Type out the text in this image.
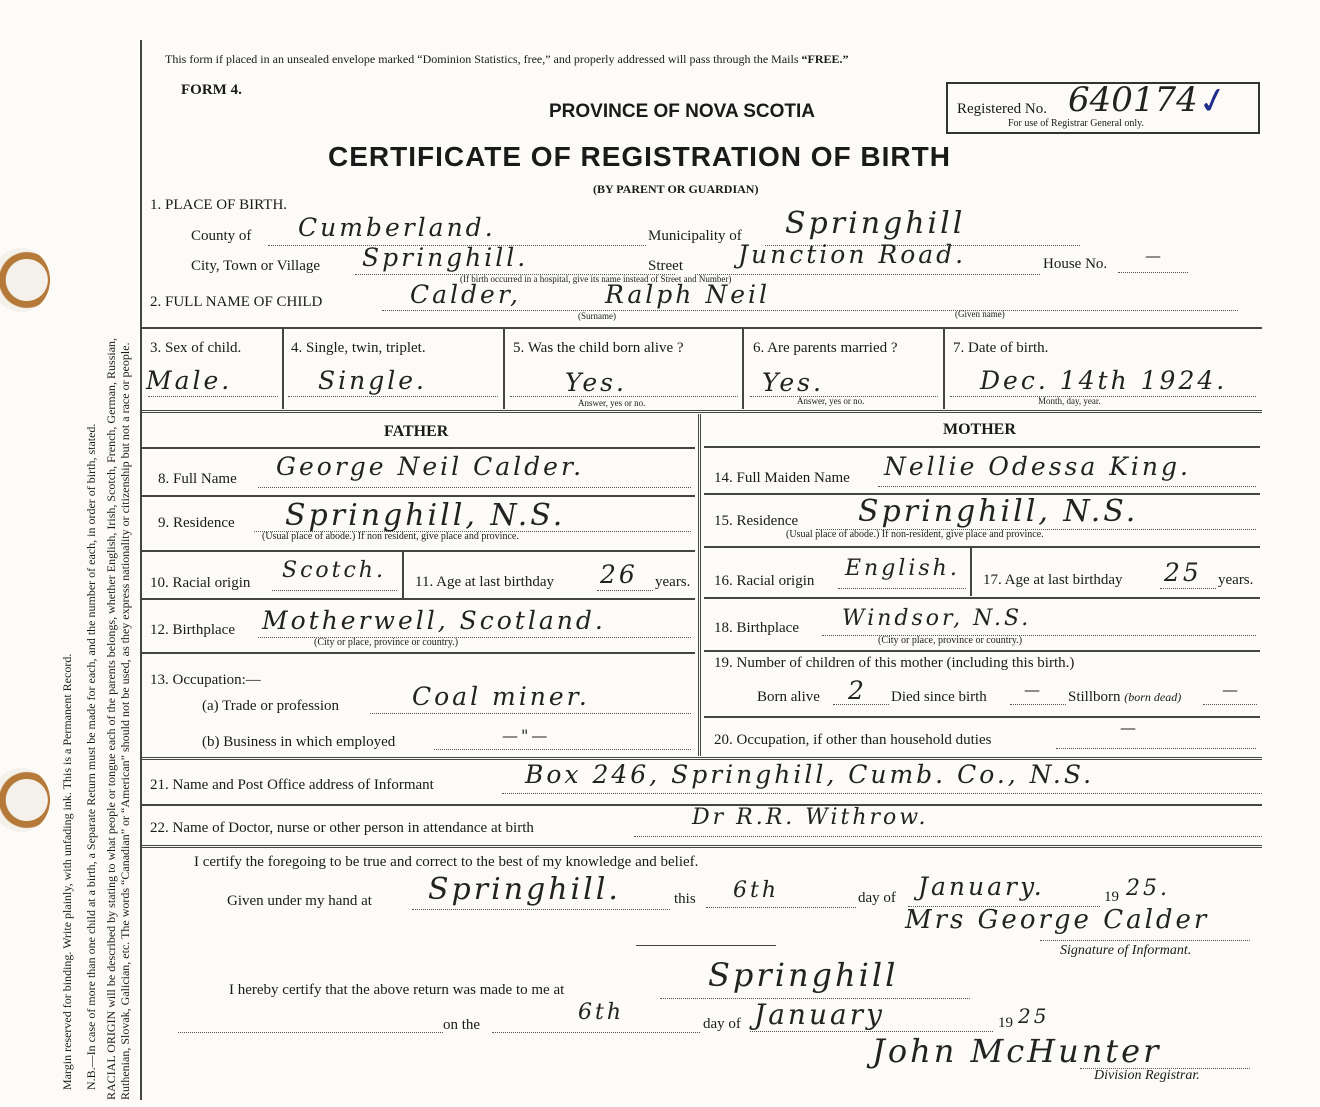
Margin reserved for binding. Write plainly, with unfading ink. This is a Permanent Record. N.B.—In case of more than one child at a birth, a Separate Return must be made for each, and the number of each, in order of birth, stated. RACIAL ORIGIN will be described by stating to what people or tongue each of the parents belongs, whether English, Irish, Scotch, French, German, Russian, Ruthenian, Slovak, Galician, etc. The words “Canadian” or “American” should not be used, as they express nationality or citizenship but not a race or people.
This form if placed in an unsealed envelope marked “Dominion Statistics, free,” and properly addressed will pass through the Mails “FREE.”
FORM 4.
PROVINCE OF NOVA SCOTIA
CERTIFICATE OF REGISTRATION OF BIRTH
(BY PARENT OR GUARDIAN)
Registered No. 640174
For use of Registrar General only. ✓
1. PLACE OF BIRTH.
County of Cumberland.	Municipality of Springhill
City, Town or Village Springhill.	Street Junction Road.	House No. —
(If birth occurred in a hospital, give its name instead of Street and Number)
2. FULL NAME OF CHILD	Calder,	Ralph Neil
(Surname)	(Given name)
3. Sex of child.
Male.
4. Single, twin, triplet.
Single.
5. Was the child born alive ?
Yes.
Answer, yes or no.
6. Are parents married ?
Yes.
Answer, yes or no.
7. Date of birth.
Dec. 14th 1924.
Month, day, year.
FATHER	MOTHER
8. Full Name George Neil Calder.
9. Residence Springhill, N.S.
(Usual place of abode.) If non resident, give place and province.
10. Racial origin Scotch. 11. Age at last birthday 26 years.
12. Birthplace Motherwell, Scotland.
(City or place, province or country.)
13. Occupation:—
(a) Trade or profession	Coal miner.
(b) Business in which employed	—"—
14. Full Maiden Name Nellie Odessa King.
15. Residence Springhill, N.S.
(Usual place of abode.) If non-resident, give place and province.
16. Racial origin English. 17. Age at last birthday 25 years.
18. Birthplace Windsor, N.S.
(City or place, province or country.)
19. Number of children of this mother (including this birth.)
Born alive 2 Died since birth — Stillborn (born dead)	—
20. Occupation, if other than household duties
—
21. Name and Post Office address of Informant	Box 246, Springhill, Cumb. Co., N.S.
22. Name of Doctor, nurse or other person in attendance at birth	Dr R.R. Withrow.
I certify the foregoing to be true and correct to the best of my knowledge and belief.
Given under my hand at Springhill.	this 6th	day of January.	19 25.
Mrs George Calder
Signature of Informant.
I hereby certify that the above return was made to me at	Springhill
on the	6th	day of January	19 25
John McHunter
Division Registrar.
